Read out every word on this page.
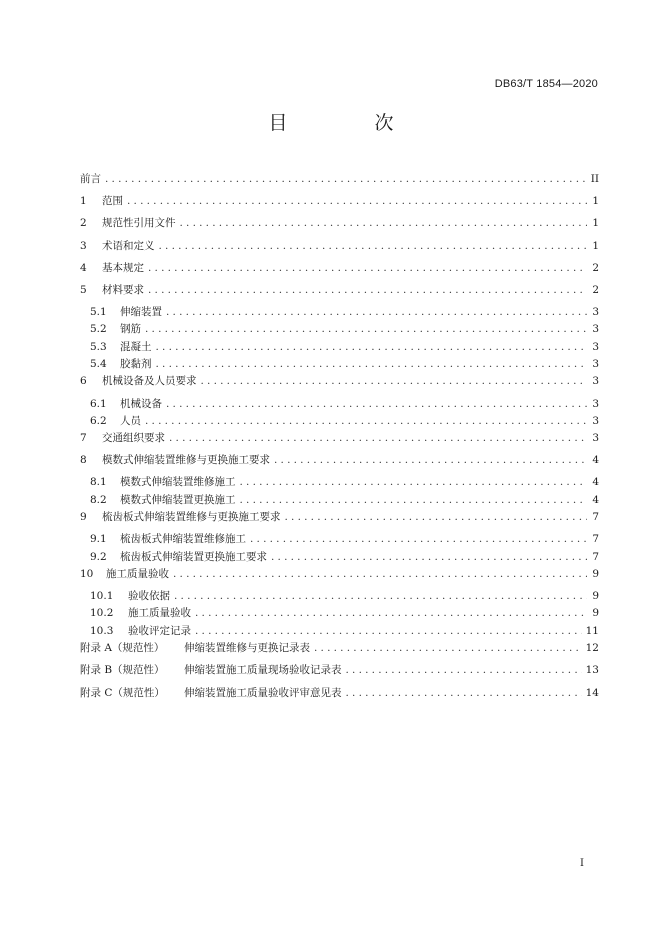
DB63/T 1854—2020
目　次
前言 .....	II
1	范围 .....	1
2	规范性引用文件 .....	1
3	术语和定义 .....	1
4	基本规定 .....	2
5	材料要求 .....	2
5.1	伸缩装置 .....	3
5.2	钢筋 .....	3
5.3	混凝土 .....	3
5.4	胶黏剂 .....	3
6	机械设备及人员要求 .....	3
6.1	机械设备 .....	3
6.2	人员 .....	3
7	交通组织要求 .....	3
8	模数式伸缩装置维修与更换施工要求 .....	4
8.1	模数式伸缩装置维修施工 .....	4
8.2	模数式伸缩装置更换施工 .....	4
9	梳齿板式伸缩装置维修与更换施工要求 .....	7
9.1	梳齿板式伸缩装置维修施工 .....	7
9.2	梳齿板式伸缩装置更换施工要求 .....	7
10	施工质量验收 .....	9
10.1	验收依据 .....	9
10.2	施工质量验收 .....	9
10.3	验收评定记录 .....	11
附录 A（规范性）	伸缩装置维修与更换记录表 .....	12
附录 B（规范性）	伸缩装置施工质量现场验收记录表 .....	13
附录 C（规范性）	伸缩装置施工质量验收评审意见表 .....	14
I
